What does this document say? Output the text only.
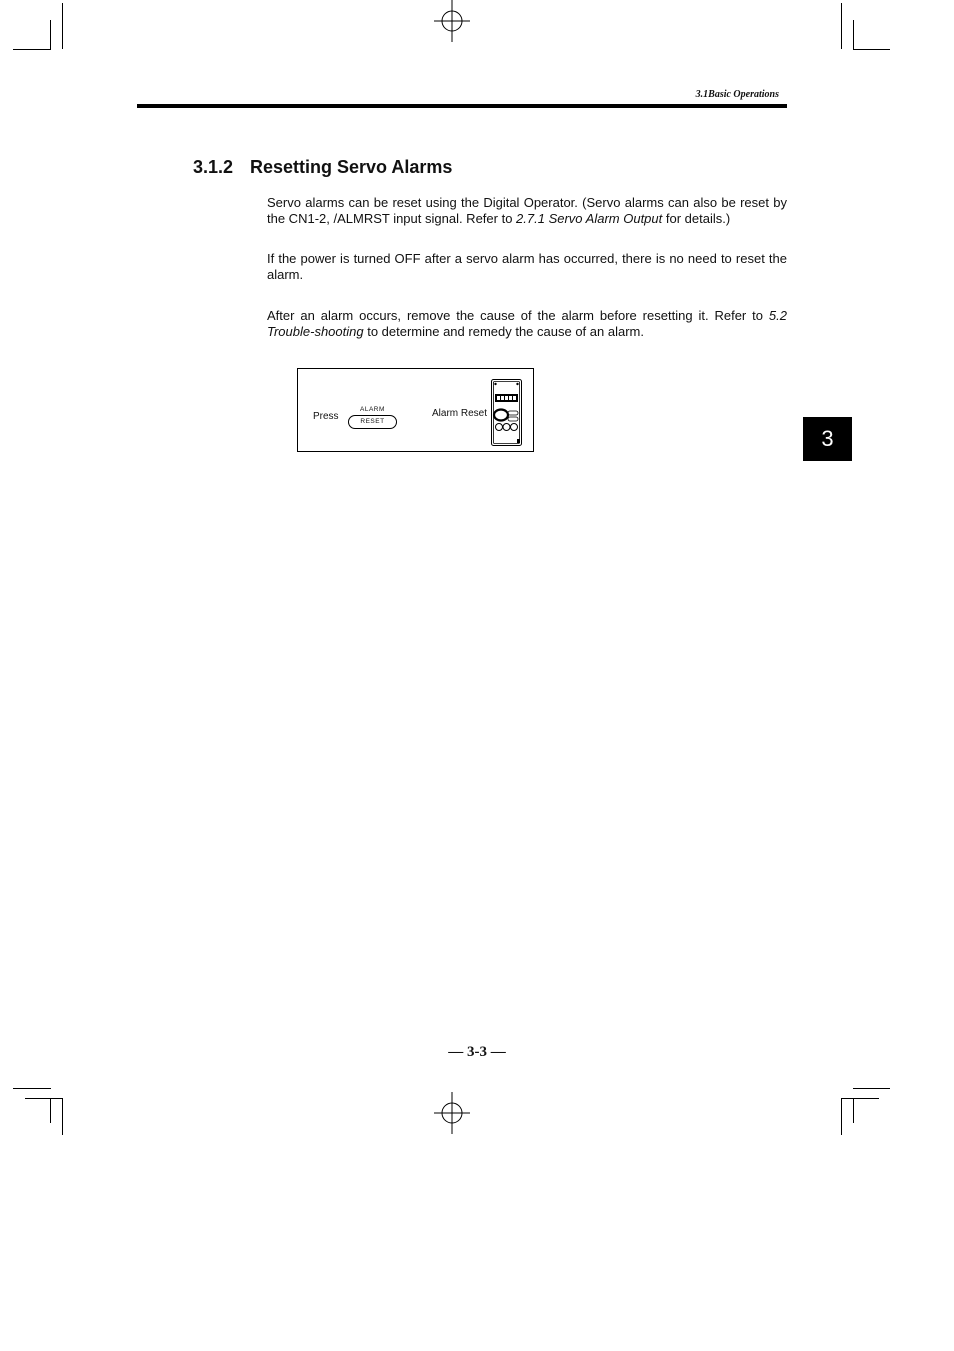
3.1Basic Operations
3.1.2 Resetting Servo Alarms

Servo alarms can be reset using the Digital Operator. (Servo alarms can also be reset by the CN1-2, /ALMRST input signal. Refer to 2.7.1 Servo Alarm Output for details.)

If the power is turned OFF after a servo alarm has occurred, there is no need to reset the alarm.

After an alarm occurs, remove the cause of the alarm before resetting it. Refer to 5.2 Trouble-shooting to determine and remedy the cause of an alarm.

Press
ALARM
RESET
Alarm Reset
3
— 3-3 —
